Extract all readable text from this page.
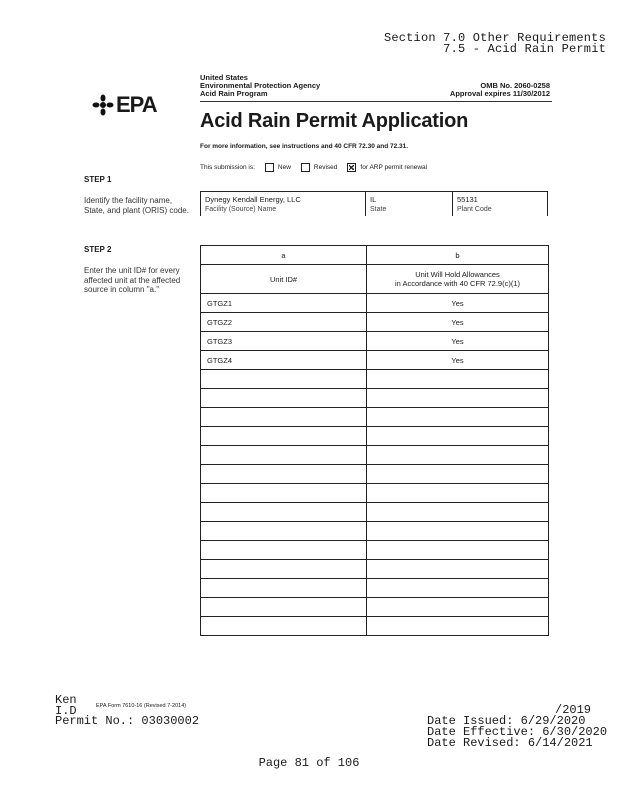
Section 7.0 Other Requirements
7.5 - Acid Rain Permit
EPA
United States
Environmental Protection Agency
Acid Rain Program
OMB No. 2060-0258
Approval expires 11/30/2012
Acid Rain Permit Application
For more information, see instructions and 40 CFR 72.30 and 72.31.
This submission is:	New	Revised	for ARP permit renewal
STEP 1
Identify the facility name, State, and plant (ORIS) code.
Dynegy Kendall Energy, LLC
Facility (Source) Name
IL
State
55131
Plant Code
STEP 2
Enter the unit ID# for every affected unit at the affected source in column "a."
a	b
Unit ID#	Unit Will Hold Allowances
in Accordance with 40 CFR 72.9(c)(1)

GTGZ1	Yes
GTGZ2	Yes
GTGZ3	Yes
GTGZ4	Yes

Ken
I.D	EPA Form 7610-16 (Revised 7-2014)
Permit No.: 03030002
/2019
Date Issued: 6/29/2020
Date Effective: 6/30/2020
Date Revised: 6/14/2021
Page 81 of 106
